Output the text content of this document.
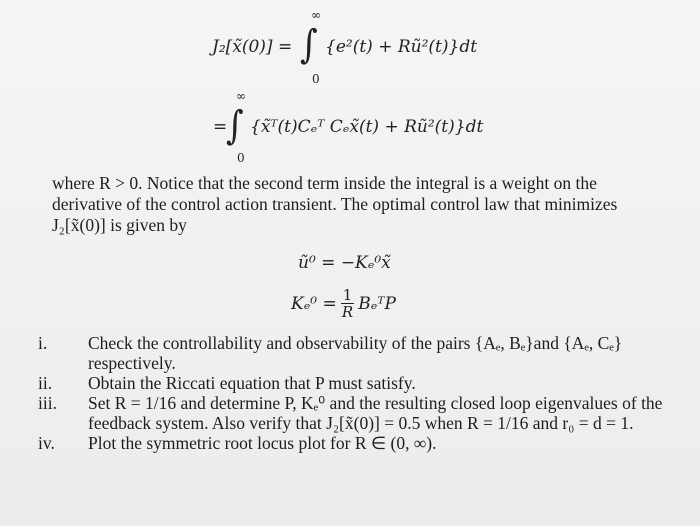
J₂[x̃(0)] =
∞
∫
0
{e²(t) + Rũ²(t)}dt
=
∞
∫
0
{x̃ᵀ(t)Cₑᵀ Cₑx̃(t) + Rũ²(t)}dt

where R > 0. Notice that the second term inside the integral is a weight on the

derivative of the control action transient. The optimal control law that minimizes

J₂[x̃(0)] is given by

ũ⁰ = −Kₑ⁰x̃
$K_e^0 = \frac{1}{R}$ BₑᵀP
i.	Check the controllability and observability of the pairs {Aₑ, Bₑ}and {Aₑ, Cₑ} respectively.
ii.	Obtain the Riccati equation that P must satisfy.
iii.	Set R = 1/16 and determine P, Kₑ⁰ and the resulting closed loop eigenvalues of the feedback system. Also verify that J₂[x̃(0)] = 0.5 when R = 1/16 and r₀ = d = 1.
iv.	Plot the symmetric root locus plot for R ∈ (0, ∞).
